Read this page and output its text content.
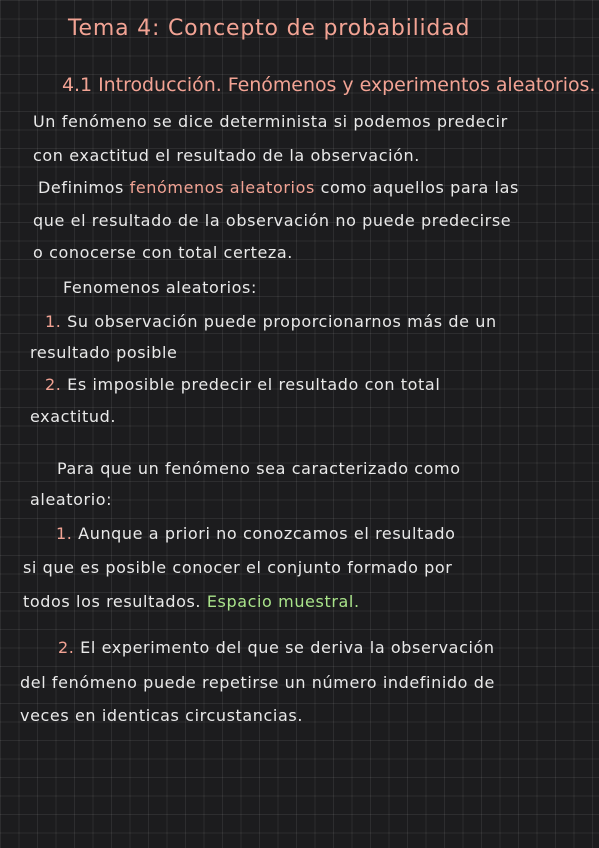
Tema 4: Concepto de probabilidad
4.1 Introducción. Fenómenos y experimentos aleatorios.
Un fenómeno se dice determinista si podemos predecir
con exactitud el resultado de la observación.
Definimos fenómenos aleatorios como aquellos para las
que el resultado de la observación no puede predecirse
o conocerse con total certeza.
Fenomenos aleatorios:
1. Su observación puede proporcionarnos más de un
resultado posible
2. Es imposible predecir el resultado con total
exactitud.
Para que un fenómeno sea caracterizado como
aleatorio:
1. Aunque a priori no conozcamos el resultado
si que es posible conocer el conjunto formado por
todos los resultados. Espacio muestral.
2. El experimento del que se deriva la observación
del fenómeno puede repetirse un número indefinido de
veces en identicas circustancias.
